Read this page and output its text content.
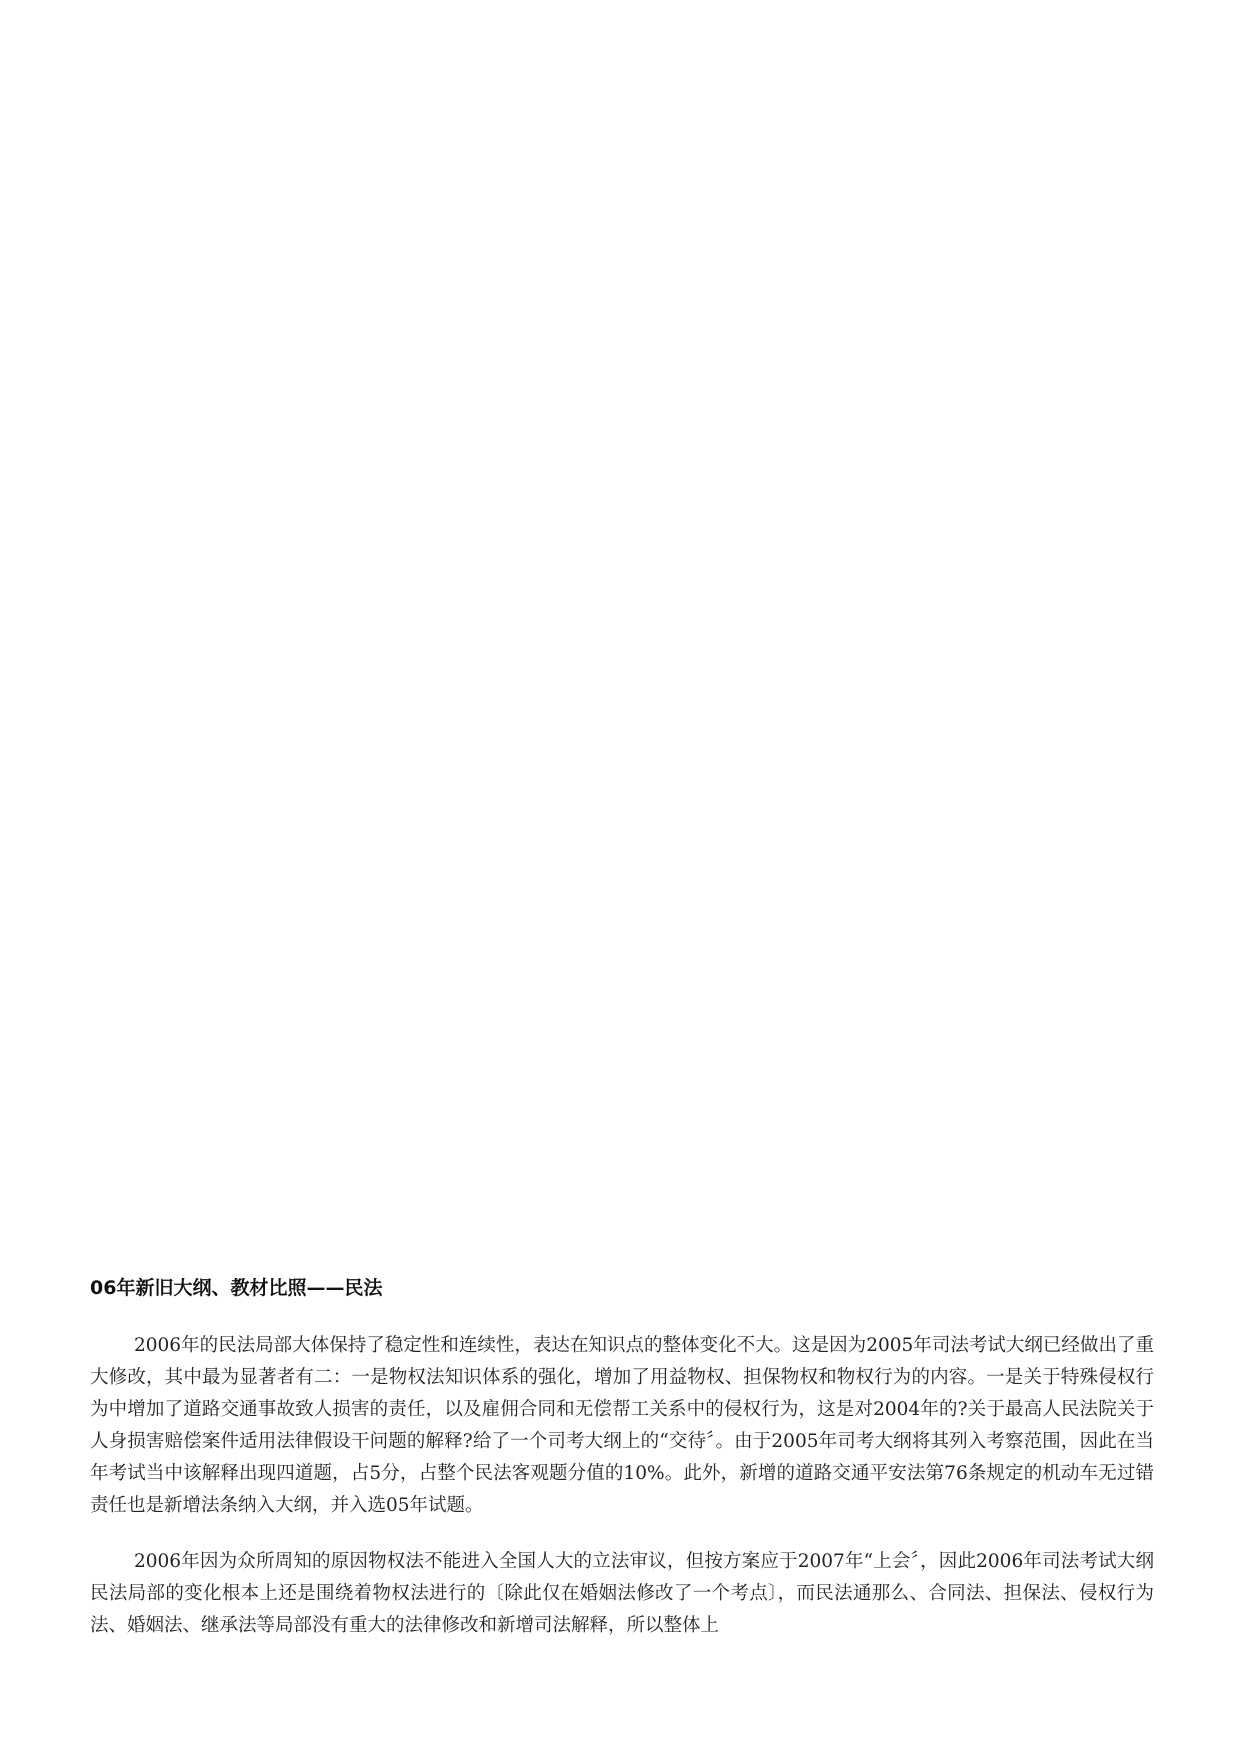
06年新旧大纲、教材比照——民法

2006年的民法局部大体保持了稳定性和连续性，表达在知识点的整体变化不大。这是因为2005年司法考试大纲已经做出了重大修改，其中最为显著者有二：一是物权法知识体系的强化，增加了用益物权、担保物权和物权行为的内容。一是关于特殊侵权行为中增加了道路交通事故致人损害的责任，以及雇佣合同和无偿帮工关系中的侵权行为，这是对2004年的?关于最高人民法院关于人身损害赔偿案件适用法律假设干问题的解释?给了一个司考大纲上的“交待〞。由于2005年司考大纲将其列入考察范围，因此在当年考试当中该解释出现四道题，占5分，占整个民法客观题分值的10%。此外，新增的道路交通平安法第76条规定的机动车无过错责任也是新增法条纳入大纲，并入选05年试题。

2006年因为众所周知的原因物权法不能进入全国人大的立法审议，但按方案应于2007年“上会〞，因此2006年司法考试大纲民法局部的变化根本上还是围绕着物权法进行的〔除此仅在婚姻法修改了一个考点〕，而民法通那么、合同法、担保法、侵权行为法、婚姻法、继承法等局部没有重大的法律修改和新增司法解释，所以整体上
